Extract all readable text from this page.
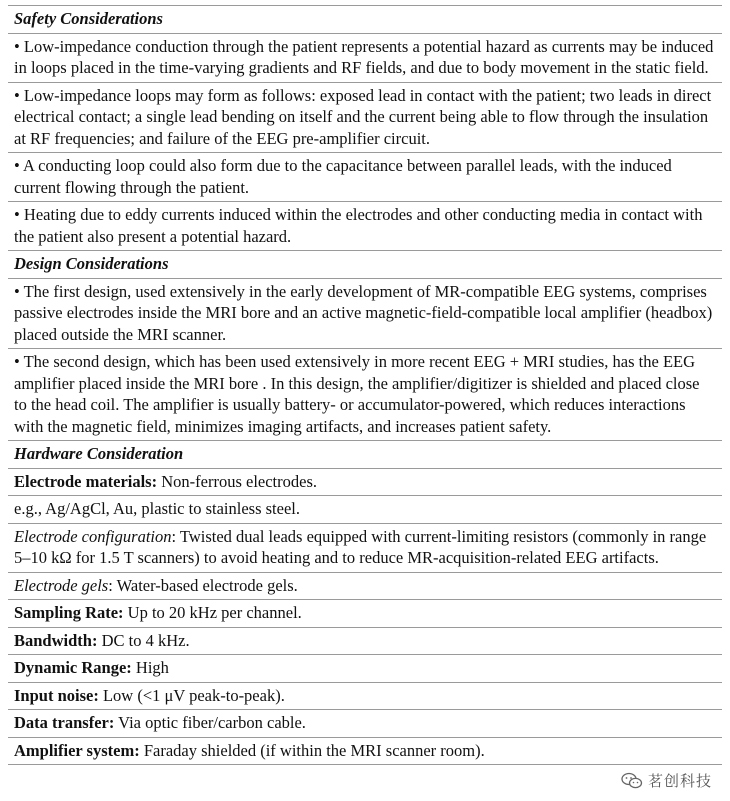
Safety Considerations
• Low-impedance conduction through the patient represents a potential hazard as currents may be induced in loops placed in the time-varying gradients and RF fields, and due to body movement in the static field.
• Low-impedance loops may form as follows: exposed lead in contact with the patient; two leads in direct electrical contact; a single lead bending on itself and the current being able to flow through the insulation at RF frequencies; and failure of the EEG pre-amplifier circuit.
• A conducting loop could also form due to the capacitance between parallel leads, with the induced current flowing through the patient.
• Heating due to eddy currents induced within the electrodes and other conducting media in contact with the patient also present a potential hazard.
Design Considerations
• The first design, used extensively in the early development of MR-compatible EEG systems, comprises passive electrodes inside the MRI bore and an active magnetic-field-compatible local amplifier (headbox) placed outside the MRI scanner.
• The second design, which has been used extensively in more recent EEG + MRI studies, has the EEG amplifier placed inside the MRI bore . In this design, the amplifier/digitizer is shielded and placed close to the head coil. The amplifier is usually battery- or accumulator-powered, which reduces interactions with the magnetic field, minimizes imaging artifacts, and increases patient safety.
Hardware Consideration
Electrode materials: Non-ferrous electrodes.
e.g., Ag/AgCl, Au, plastic to stainless steel.
Electrode configuration: Twisted dual leads equipped with current-limiting resistors (commonly in range 5–10 kΩ for 1.5 T scanners) to avoid heating and to reduce MR-acquisition-related EEG artifacts.
Electrode gels: Water-based electrode gels.
Sampling Rate: Up to 20 kHz per channel.
Bandwidth: DC to 4 kHz.
Dynamic Range: High
Input noise: Low (<1 μV peak-to-peak).
Data transfer: Via optic fiber/carbon cable.
Amplifier system: Faraday shielded (if within the MRI scanner room).
茗创科技
